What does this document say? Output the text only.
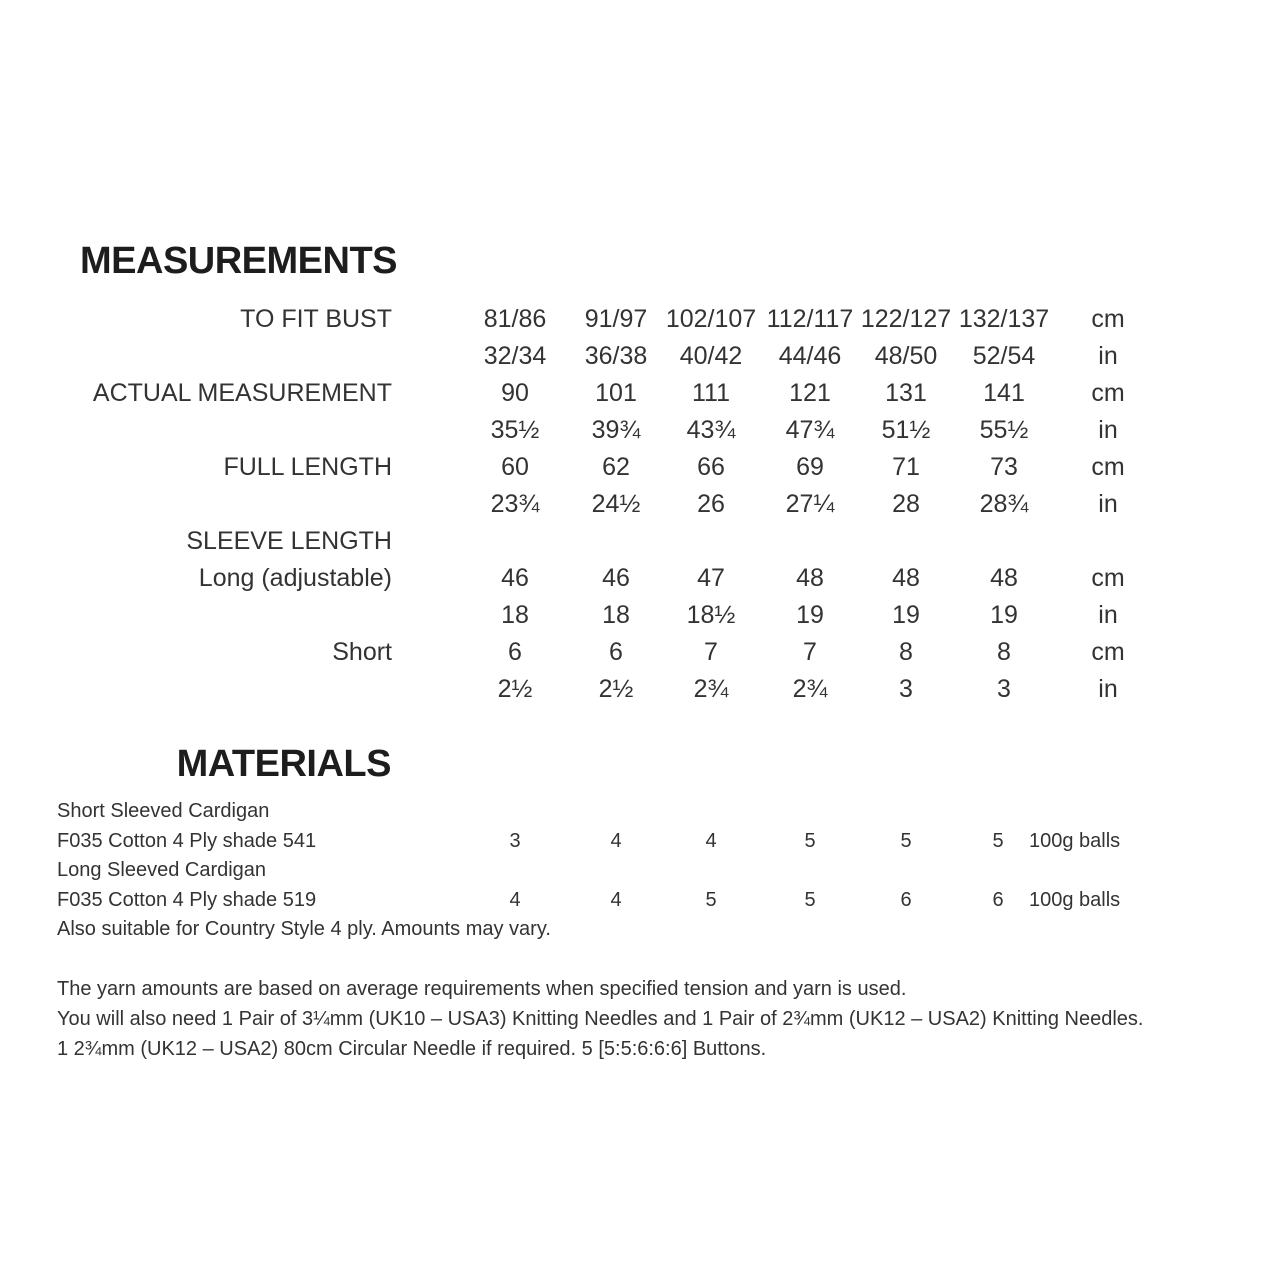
MEASUREMENTS
TO FIT BUST	81/86	91/97 102/107 112/117 122/127 132/137	cm
32/34	36/38	40/42	44/46	48/50	52/54	in
ACTUAL MEASUREMENT	90	101	111	121	131	141	cm
35½	39¾	43¾	47¾	51½	55½	in
FULL LENGTH	60	62	66	69	71	73	cm
23¾	24½	26	27¼	28	28¾	in
SLEEVE LENGTH
Long (adjustable)	46	46	47	48	48	48	cm
18	18	18½	19	19	19	in
Short	6	6	7	7	8	8	cm
2½	2½	2¾	2¾	3	3	in
MATERIALS
Short Sleeved Cardigan
F035 Cotton 4 Ply shade 541	3	4	4	5	5	5	100g balls
Long Sleeved Cardigan
F035 Cotton 4 Ply shade 519	4	4	5	5	6	6	100g balls
Also suitable for Country Style 4 ply. Amounts may vary.

The yarn amounts are based on average requirements when specified tension and yarn is used.

You will also need 1 Pair of 3¼mm (UK10 – USA3) Knitting Needles and 1 Pair of 2¾mm (UK12 – USA2) Knitting Needles.

1 2¾mm (UK12 – USA2) 80cm Circular Needle if required. 5 [5:5:6:6:6] Buttons.
